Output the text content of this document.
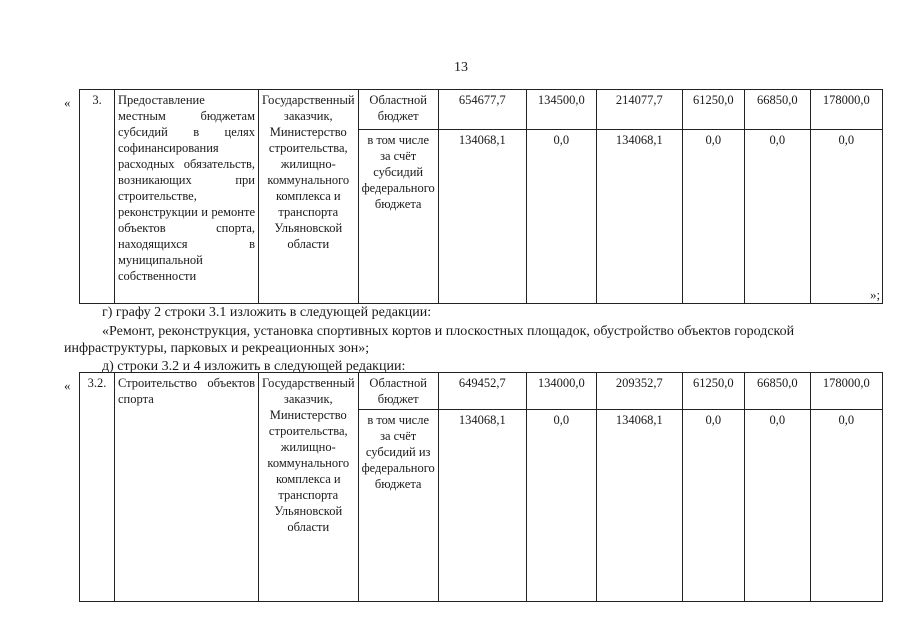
13
« 3.	Предоставление местным бюджетам субсидий в целях софинансирования расходных обязательств, возникающих при строительстве, реконструкции и ремонте объектов спорта, находящихся в муниципальной собственности	Государственный заказчик, Министерство строительства, жилищно-коммунального комплекса и транспорта Ульяновской области	Областной бюджет	654677,7	134500,0	214077,7	61250,0	66850,0	178000,0
			в том числе за счёт субсидий федерального бюджета	134068,1	0,0	134068,1	0,0	0,0	0,0
»;
г) графу 2 строки 3.1 изложить в следующей редакции:
«Ремонт, реконструкция, установка спортивных кортов и плоскостных площадок, обустройство объектов городской
инфраструктуры, парковых и рекреационных зон»;
д) строки 3.2 и 4 изложить в следующей редакции:
« 3.2.	Строительство объектов спорта	Государственный заказчик, Министерство строительства, жилищно-коммунального комплекса и транспорта Ульяновской области	Областной бюджет	649452,7	134000,0	209352,7	61250,0	66850,0	178000,0
			в том числе за счёт субсидий из федерального бюджета	134068,1	0,0	134068,1	0,0	0,0	0,0
